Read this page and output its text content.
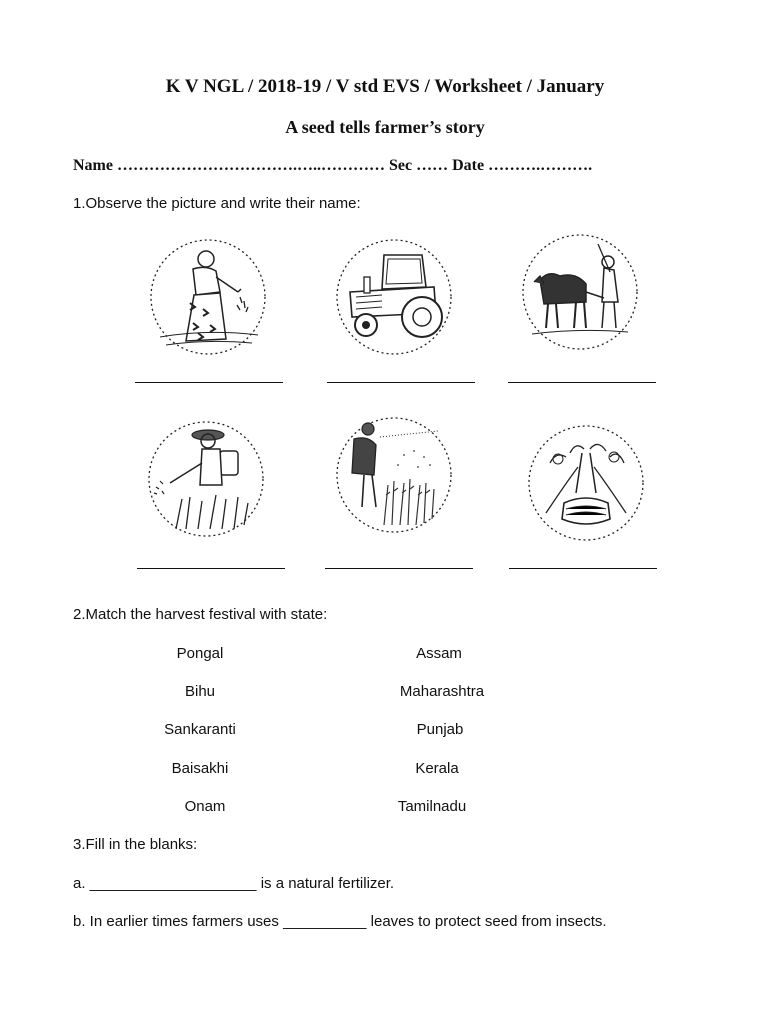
K V NGL / 2018-19 / V std EVS / Worksheet / January
A seed tells farmer’s story
Name …………………………….…..………… Sec …… Date ……….……….
1.Observe the picture and write their name:
2.Match the harvest festival with state:
Pongal
Bihu
Sankaranti
Baisakhi
Onam
Assam
Maharashtra
Punjab
Kerala
Tamilnadu
3.Fill in the blanks:
a. ____________________ is a natural fertilizer.
b. In earlier times farmers uses __________ leaves to protect seed from insects.
